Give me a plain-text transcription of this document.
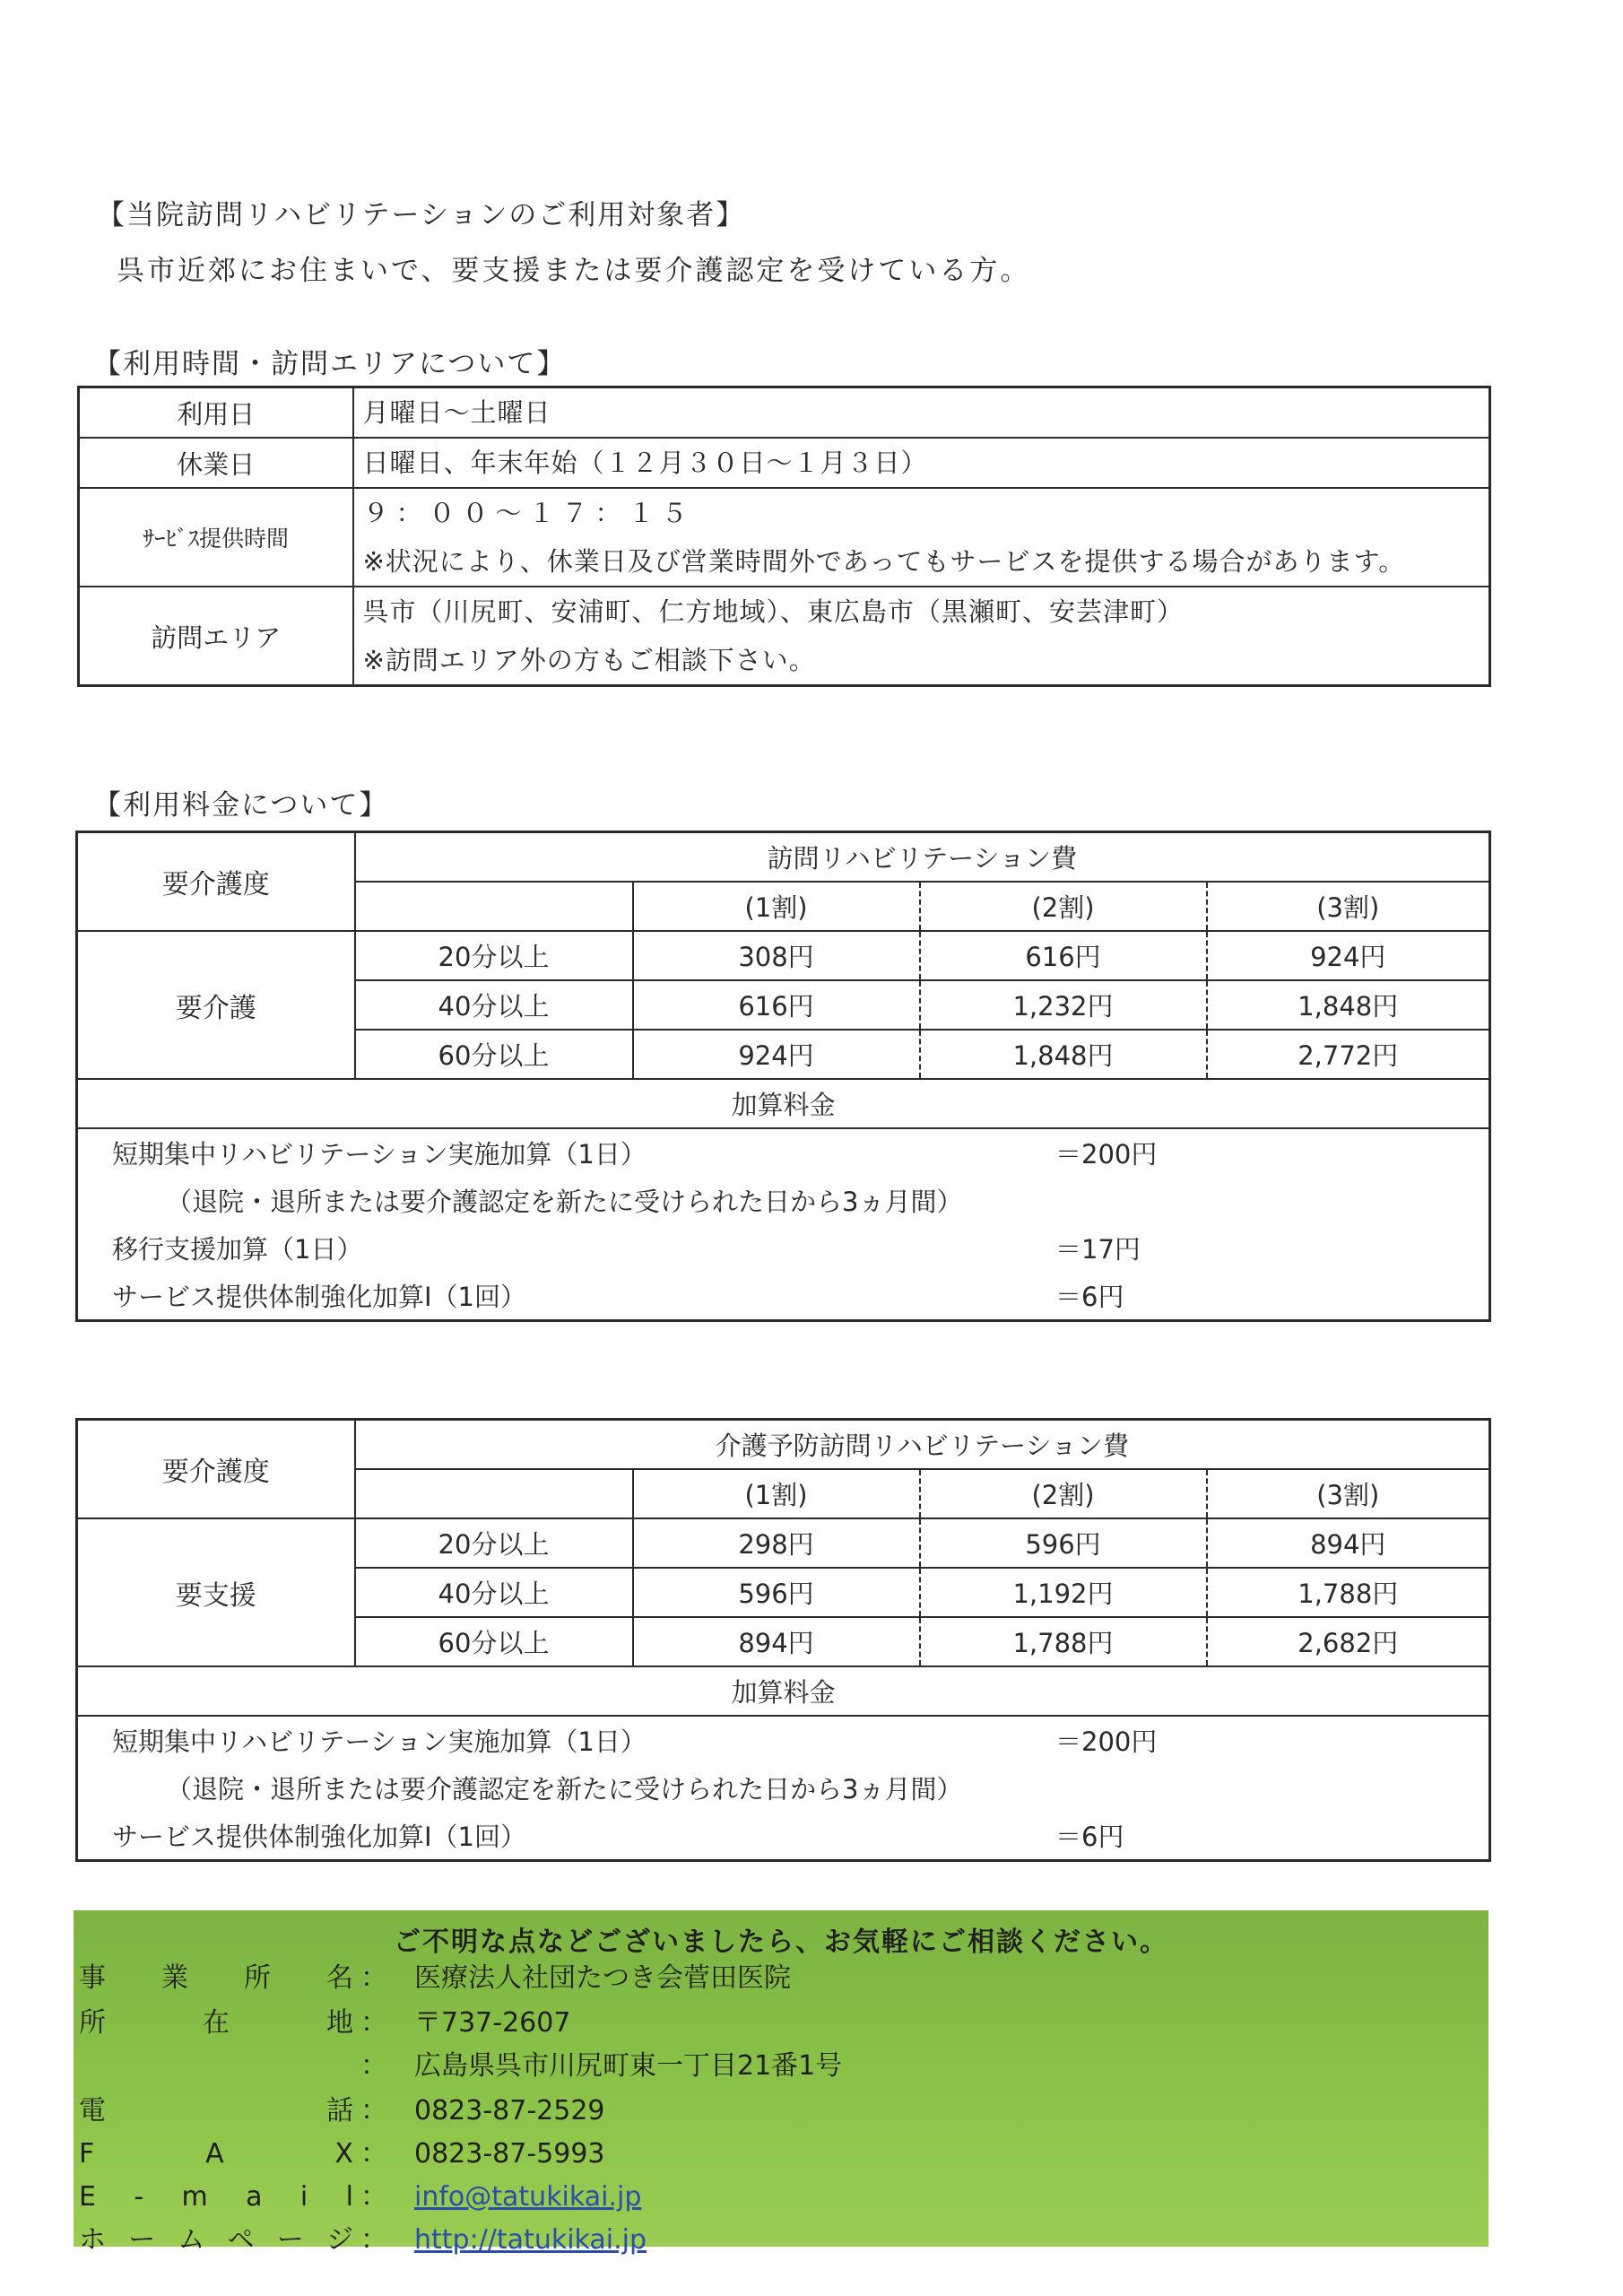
【当院訪問リハビリテーションのご利用対象者】
呉市近郊にお住まいで、要支援または要介護認定を受けている方。
【利用時間・訪問エリアについて】
利用日	月曜日～土曜日

休業日	日曜日、年末年始（１２月３０日～１月３日）

ｻｰﾋﾞｽ提供時間	９：００～１７：１５
※状況により、休業日及び営業時間外であってもサービスを提供する場合があります。

訪問エリア	呉市（川尻町、安浦町、仁方地域）、東広島市（黒瀬町、安芸津町）
※訪問エリア外の方もご相談下さい。
【利用料金について】
要介護度	訪問リハビリテーション費			
		(1割)	(2割)	(3割)
要介護	20分以上	308円	616円	924円
	40分以上	616円	1,232円	1,848円
	60分以上	924円	1,848円	2,772円
加算料金				
短期集中リハビリテーション実施加算（1日） ＝200円				
（退院・退所または要介護認定を新たに受けられた日から3ヵ月間）				
移行支援加算（1日） ＝17円				
サービス提供体制強化加算Ⅰ（1回） ＝6円				
要介護度	介護予防訪問リハビリテーション費			
		(1割)	(2割)	(3割)
要支援	20分以上	298円	596円	894円
	40分以上	596円	1,192円	1,788円
	60分以上	894円	1,788円	2,682円
加算料金				
短期集中リハビリテーション実施加算（1日） ＝200円				
（退院・退所または要介護認定を新たに受けられた日から3ヵ月間）				
サービス提供体制強化加算Ⅰ（1回） ＝6円				
ご不明な点などございましたら、お気軽にご相談ください。
事 業 所 名 ： 医療法人社団たつき会菅田医院
所	在	地 ： 〒737-2607
： 広島県呉市川尻町東一丁目21番1号
電	話 ： 0823-87-2529
F	A	X ： 0823-87-5993
E - m a i l ： info@tatukikai.jp
ホ ー ム ペ ー ジ ： http://tatukikai.jp
